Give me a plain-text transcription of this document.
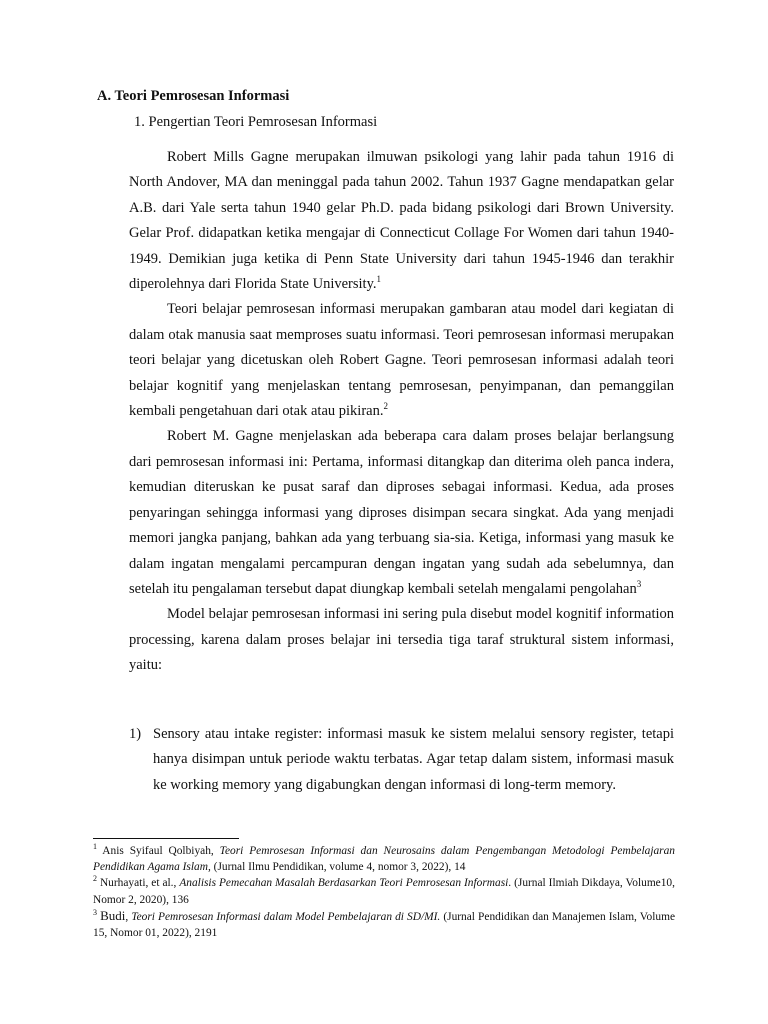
A. Teori Pemrosesan Informasi
1. Pengertian Teori Pemrosesan Informasi

Robert Mills Gagne merupakan ilmuwan psikologi yang lahir pada tahun 1916 di North Andover, MA dan meninggal pada tahun 2002. Tahun 1937 Gagne mendapatkan gelar A.B. dari Yale serta tahun 1940 gelar Ph.D. pada bidang psikologi dari Brown University. Gelar Prof. didapatkan ketika mengajar di Connecticut Collage For Women dari tahun 1940-1949. Demikian juga ketika di Penn State University dari tahun 1945-1946 dan terakhir diperolehnya dari Florida State University.$^1$

Teori belajar pemrosesan informasi merupakan gambaran atau model dari kegiatan di dalam otak manusia saat memproses suatu informasi. Teori pemrosesan informasi merupakan teori belajar yang dicetuskan oleh Robert Gagne. Teori pemrosesan informasi adalah teori belajar kognitif yang menjelaskan tentang pemrosesan, penyimpanan, dan pemanggilan kembali pengetahuan dari otak atau pikiran.$^2$

Robert M. Gagne menjelaskan ada beberapa cara dalam proses belajar berlangsung dari pemrosesan informasi ini: Pertama, informasi ditangkap dan diterima oleh panca indera, kemudian diteruskan ke pusat saraf dan diproses sebagai informasi. Kedua, ada proses penyaringan sehingga informasi yang diproses disimpan secara singkat. Ada yang menjadi memori jangka panjang, bahkan ada yang terbuang sia-sia. Ketiga, informasi yang masuk ke dalam ingatan mengalami percampuran dengan ingatan yang sudah ada sebelumnya, dan setelah itu pengalaman tersebut dapat diungkap kembali setelah mengalami pengolahan$^3$

Model belajar pemrosesan informasi ini sering pula disebut model kognitif information processing, karena dalam proses belajar ini tersedia tiga taraf struktural sistem informasi, yaitu:

1) Sensory atau intake register: informasi masuk ke sistem melalui sensory register, tetapi hanya disimpan untuk periode waktu terbatas. Agar tetap dalam sistem, informasi masuk ke working memory yang digabungkan dengan informasi di long-term memory.

$^1$ Anis Syifaul Qolbiyah, Teori Pemrosesan Informasi dan Neurosains dalam Pengembangan Metodologi Pembelajaran Pendidikan Agama Islam, (Jurnal Ilmu Pendidikan, volume 4, nomor 3, 2022), 14

$^2$ Nurhayati, et al., Analisis Pemecahan Masalah Berdasarkan Teori Pemrosesan Informasi. (Jurnal Ilmiah Dikdaya, Volume10, Nomor 2, 2020), 136

$^3$ Budi, Teori Pemrosesan Informasi dalam Model Pembelajaran di SD/MI. (Jurnal Pendidikan dan Manajemen Islam, Volume 15, Nomor 01, 2022), 2191
